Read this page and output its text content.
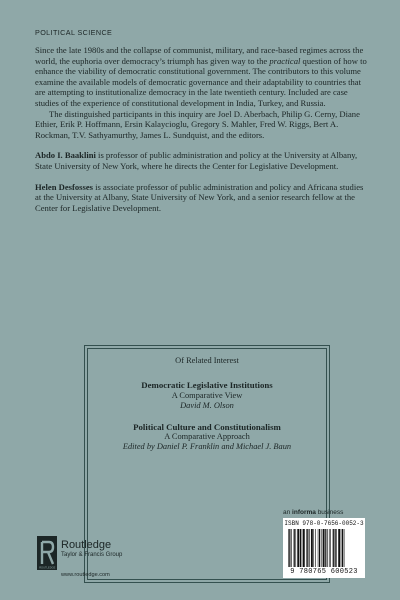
POLITICAL SCIENCE

Since the late 1980s and the collapse of communist, military, and race-based regimes across the world, the euphoria over democracy’s triumph has given way to the practical question of how to enhance the viability of democratic constitutional government. The contributors to this volume examine the available models of democratic governance and their adaptability to countries that are attempting to institutionalize democracy in the late twentieth century. Included are case studies of the experience of constitutional development in India, Turkey, and Russia.

The distinguished participants in this inquiry are Joel D. Aberbach, Philip G. Cerny, Diane Ethier, Erik P. Hoffmann, Ersin Kalaycioglu, Gregory S. Mahler, Fred W. Riggs, Bert A. Rockman, T.V. Sathyamurthy, James L. Sundquist, and the editors.

Abdo I. Baaklini is professor of public administration and policy at the University at Albany, State University of New York, where he directs the Center for Legislative Development.

Helen Desfosses is associate professor of public administration and policy and Africana studies at the University at Albany, State University of New York, and a senior research fellow at the Center for Legislative Development.

Of Related Interest
Democratic Legislative Institutions
A Comparative View
David M. Olson
Political Culture and Constitutionalism
A Comparative Approach
Edited by Daniel P. Franklin and Michael J. Baun
an informa business
ISBN 978-0-7656-0052-3
9 780765 600523
ROUTLEDGE
Routledge
Taylor & Francis Group
www.routledge.com
